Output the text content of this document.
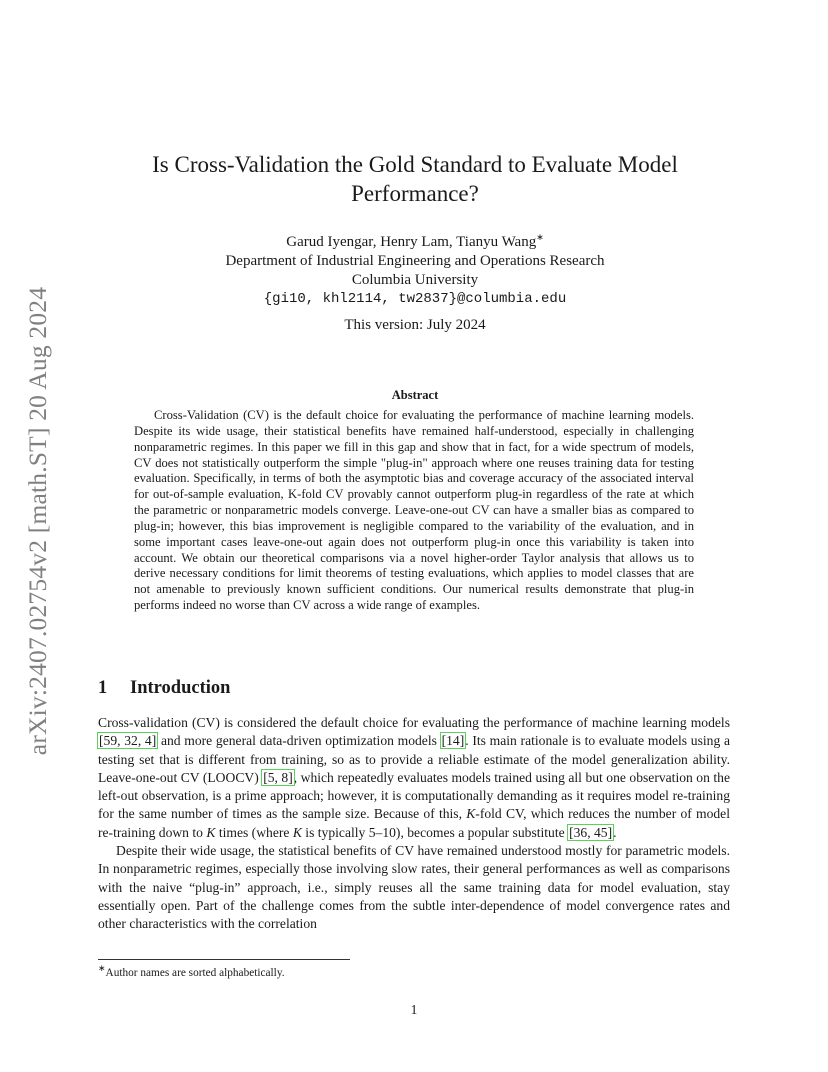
arXiv:2407.02754v2 [math.ST] 20 Aug 2024
Is Cross-Validation the Gold Standard to Evaluate Model
Performance?
Garud Iyengar, Henry Lam, Tianyu Wang∗
Department of Industrial Engineering and Operations Research
Columbia University
{gi10, khl2114, tw2837}@columbia.edu
This version: July 2024
Abstract
Cross-Validation (CV) is the default choice for evaluating the performance of machine learning models. Despite its wide usage, their statistical benefits have remained half-understood, especially in challenging nonparametric regimes. In this paper we fill in this gap and show that in fact, for a wide spectrum of models, CV does not statistically outperform the simple "plug-in" approach where one reuses training data for testing evaluation. Specifically, in terms of both the asymptotic bias and coverage accuracy of the associated interval for out-of-sample evaluation, K-fold CV provably cannot outperform plug-in regardless of the rate at which the parametric or nonparametric models converge. Leave-one-out CV can have a smaller bias as compared to plug-in; however, this bias improvement is negligible compared to the variability of the evaluation, and in some important cases leave-one-out again does not outperform plug-in once this variability is taken into account. We obtain our theoretical comparisons via a novel higher-order Taylor analysis that allows us to derive necessary conditions for limit theorems of testing evaluations, which applies to model classes that are not amenable to previously known sufficient conditions. Our numerical results demonstrate that plug-in performs indeed no worse than CV across a wide range of examples.
1 Introduction

Cross-validation (CV) is considered the default choice for evaluating the performance of machine learning models [59, 32, 4] and more general data-driven optimization models [14]. Its main rationale is to evaluate models using a testing set that is different from training, so as to provide a reliable estimate of the model generalization ability. Leave-one-out CV (LOOCV) [5, 8], which repeatedly evaluates models trained using all but one observation on the left-out observation, is a prime approach; however, it is computationally demanding as it requires model re-training for the same number of times as the sample size. Because of this, K-fold CV, which reduces the number of model re-training down to K times (where K is typically 5–10), becomes a popular substitute [36, 45].

Despite their wide usage, the statistical benefits of CV have remained understood mostly for parametric models. In nonparametric regimes, especially those involving slow rates, their general performances as well as comparisons with the naive “plug-in” approach, i.e., simply reuses all the same training data for model evaluation, stay essentially open. Part of the challenge comes from the subtle inter-dependence of model convergence rates and other characteristics with the correlation

∗Author names are sorted alphabetically.
1
